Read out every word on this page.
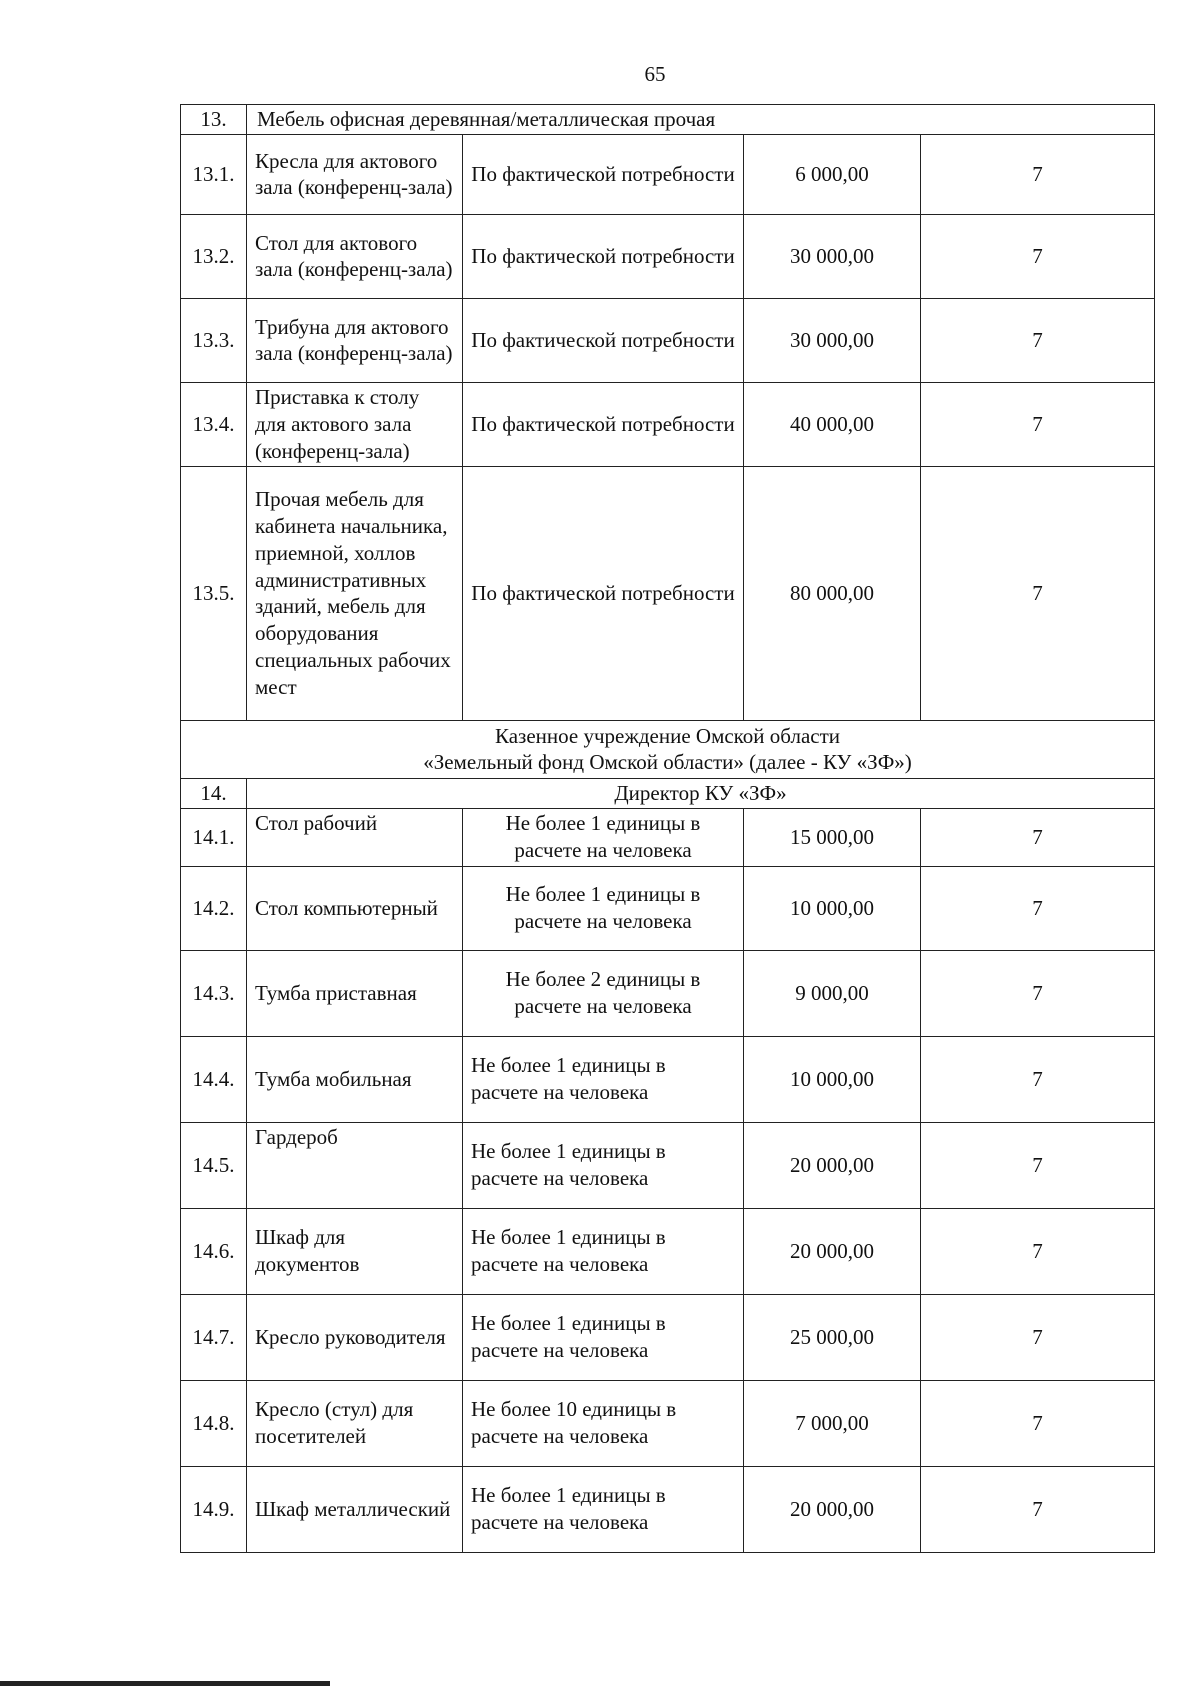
65
13.	Мебель офисная деревянная/металлическая прочая			
13.1.	Кресла для актового зала (конференц-зала)	По фактической потребности	6 000,00	7
13.2.	Стол для актового зала (конференц-зала)	По фактической потребности	30 000,00	7
13.3.	Трибуна для актового зала (конференц-зала)	По фактической потребности	30 000,00	7
13.4.	Приставка к столу для актового зала (конференц-зала)	По фактической потребности	40 000,00	7
13.5.	Прочая мебель для кабинета начальника, приемной, холлов административных зданий, мебель для оборудования специальных рабочих мест	По фактической потребности	80 000,00	7

Казенное учреждение Омской области
«Земельный фонд Омской области» (далее - КУ «ЗФ»)				

14.	Директор КУ «ЗФ»			
14.1.	Стол рабочий	Не более 1 единицы в расчете на человека	15 000,00	7
14.2.	Стол компьютерный	Не более 1 единицы в расчете на человека	10 000,00	7
14.3.	Тумба приставная	Не более 2 единицы в расчете на человека	9 000,00	7
14.4.	Тумба мобильная	Не более 1 единицы в расчете на человека	10 000,00	7
14.5.	Гардероб	Не более 1 единицы в расчете на человека	20 000,00	7
14.6.	Шкаф для документов	Не более 1 единицы в расчете на человека	20 000,00	7
14.7.	Кресло руководителя	Не более 1 единицы в расчете на человека	25 000,00	7
14.8.	Кресло (стул) для посетителей	Не более 10 единицы в расчете на человека	7 000,00	7
14.9.	Шкаф металлический	Не более 1 единицы в расчете на человека	20 000,00	7
